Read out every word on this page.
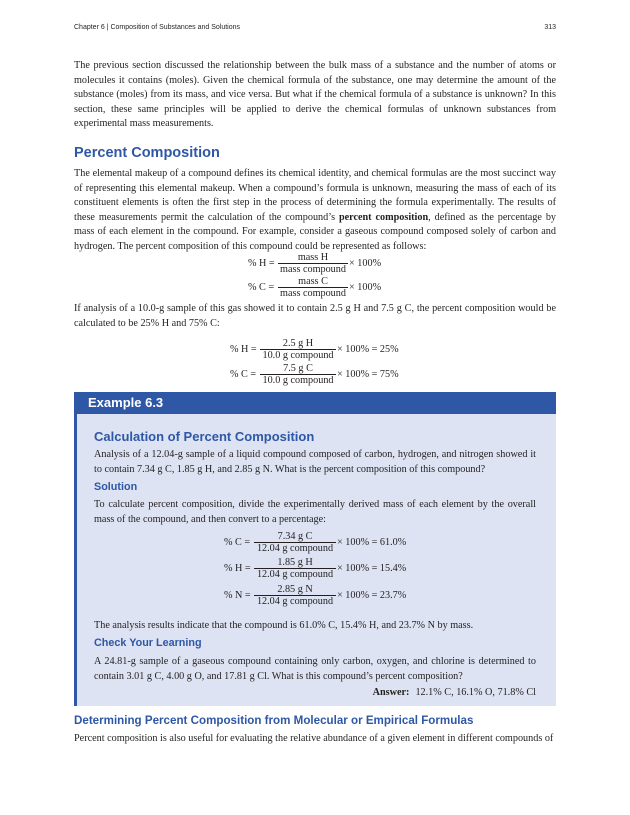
Chapter 6 | Composition of Substances and Solutions	313

The previous section discussed the relationship between the bulk mass of a substance and the number of atoms or molecules it contains (moles). Given the chemical formula of the substance, one may determine the amount of the substance (moles) from its mass, and vice versa. But what if the chemical formula of a substance is unknown? In this section, these same principles will be applied to derive the chemical formulas of unknown substances from experimental mass measurements.

Percent Composition

The elemental makeup of a compound defines its chemical identity, and chemical formulas are the most succinct way of representing this elemental makeup. When a compound’s formula is unknown, measuring the mass of each of its constituent elements is often the first step in the process of determining the formula experimentally. The results of these measurements permit the calculation of the compound’s percent composition, defined as the percentage by mass of each element in the compound. For example, consider a gaseous compound composed solely of carbon and hydrogen. The percent composition of this compound could be represented as follows:

% H =
mass H
mass compound
× 100%
% C =
mass C
mass compound
× 100%

If analysis of a 10.0-g sample of this gas showed it to contain 2.5 g H and 7.5 g C, the percent composition would be calculated to be 25% H and 75% C:

% H =
2.5 g H
10.0 g compound
× 100% = 25%
% C =
7.5 g C
10.0 g compound
× 100% = 75%
Example 6.3
Calculation of Percent Composition

Analysis of a 12.04-g sample of a liquid compound composed of carbon, hydrogen, and nitrogen showed it to contain 7.34 g C, 1.85 g H, and 2.85 g N. What is the percent composition of this compound?

Solution

To calculate percent composition, divide the experimentally derived mass of each element by the overall mass of the compound, and then convert to a percentage:

% C =
7.34 g C
12.04 g compound
× 100% = 61.0%
% H =
1.85 g H
12.04 g compound
× 100% = 15.4%
% N =
2.85 g N
12.04 g compound
× 100% = 23.7%

The analysis results indicate that the compound is 61.0% C, 15.4% H, and 23.7% N by mass.

Check Your Learning

A 24.81-g sample of a gaseous compound containing only carbon, oxygen, and chlorine is determined to contain 3.01 g C, 4.00 g O, and 17.81 g Cl. What is this compound’s percent composition?

Answer: 12.1% C, 16.1% O, 71.8% Cl
Determining Percent Composition from Molecular or Empirical Formulas

Percent composition is also useful for evaluating the relative abundance of a given element in different compounds of
